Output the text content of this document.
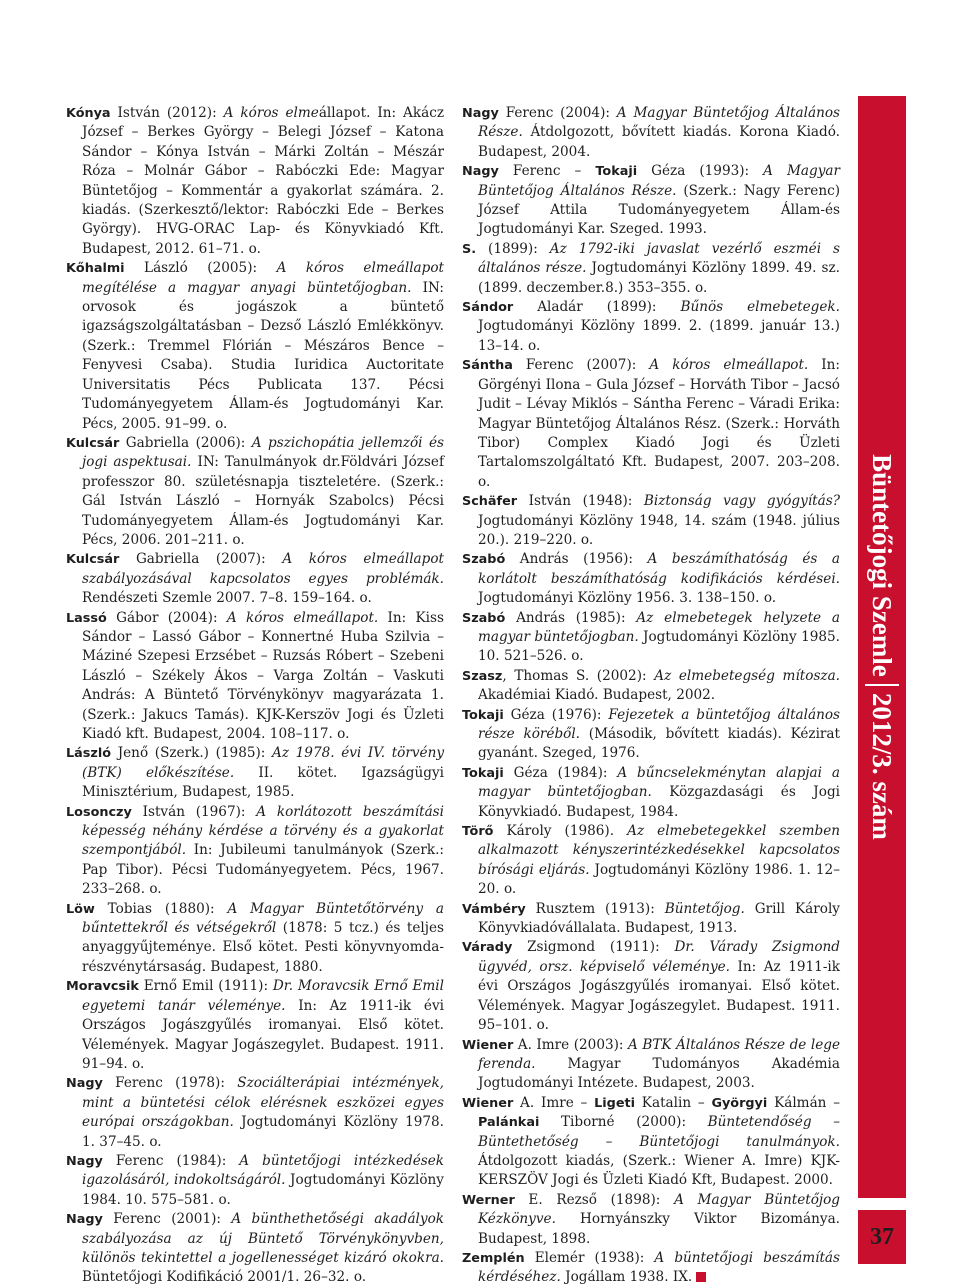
Kónya István (2012): A kóros elmeállapot. In: Akácz József – Berkes György – Belegi József – Katona Sándor – Kónya István – Márki Zoltán – Mészár Róza – Molnár Gábor – Rabóczki Ede: Magyar Büntetőjog – Kommentár a gyakorlat számára. 2. kiadás. (Szerkesztő/lektor: Rabóczki Ede – Berkes György). HVG-ORAC Lap- és Könyvkiadó Kft. Budapest, 2012. 61–71. o.

Kőhalmi László (2005): A kóros elmeállapot megítélése a magyar anyagi büntetőjogban. IN: orvosok és jogászok a büntető igazságszolgáltatásban – Dezső László Emlékkönyv. (Szerk.: Tremmel Flórián – Mészáros Bence – Fenyvesi Csaba). Studia Iuridica Auctoritate Universitatis Pécs Publicata 137. Pécsi Tudományegyetem Állam-és Jogtudományi Kar. Pécs, 2005. 91–99. o.

Kulcsár Gabriella (2006): A pszichopátia jellemzői és jogi aspektusai. IN: Tanulmányok dr.Földvári József professzor 80. születésnapja tiszteletére. (Szerk.: Gál István László – Hornyák Szabolcs) Pécsi Tudományegyetem Állam-és Jogtudományi Kar. Pécs, 2006. 201–211. o.

Kulcsár Gabriella (2007): A kóros elmeállapot szabályozásával kapcsolatos egyes problémák. Rendészeti Szemle 2007. 7–8. 159–164. o.

Lassó Gábor (2004): A kóros elmeállapot. In: Kiss Sándor – Lassó Gábor – Konnertné Huba Szilvia – Máziné Szepesi Erzsébet – Ruzsás Róbert – Szebeni László – Székely Ákos – Varga Zoltán – Vaskuti András: A Büntető Törvénykönyv magyarázata 1. (Szerk.: Jakucs Tamás). KJK-Kerszöv Jogi és Üzleti Kiadó kft. Budapest, 2004. 108–117. o.

László Jenő (Szerk.) (1985): Az 1978. évi IV. törvény (BTK) előkészítése. II. kötet. Igazságügyi Minisztérium, Budapest, 1985.

Losonczy István (1967): A korlátozott beszámítási képesség néhány kérdése a törvény és a gyakorlat szempontjából. In: Jubileumi tanulmányok (Szerk.: Pap Tibor). Pécsi Tudományegyetem. Pécs, 1967. 233–268. o.

Löw Tobias (1880): A Magyar Büntetőtörvény a bűntettekről és vétségekről (1878: 5 tcz.) és teljes anyaggyűjteménye. Első kötet. Pesti könyvnyomda-részvénytársaság. Budapest, 1880.

Moravcsik Ernő Emil (1911): Dr. Moravcsik Ernő Emil egyetemi tanár véleménye. In: Az 1911-ik évi Országos Jogászgyűlés iromanyai. Első kötet. Vélemények. Magyar Jogászegylet. Budapest. 1911. 91–94. o.

Nagy Ferenc (1978): Szociálterápiai intézmények, mint a büntetési célok elérésnek eszközei egyes európai országokban. Jogtudományi Közlöny 1978. 1. 37–45. o.

Nagy Ferenc (1984): A büntetőjogi intézkedések igazolásáról, indokoltságáról. Jogtudományi Közlöny 1984. 10. 575–581. o.

Nagy Ferenc (2001): A bünthethetőségi akadályok szabályozása az új Büntető Törvénykönyvben, különös tekintettel a jogellenességet kizáró okokra. Büntetőjogi Kodifikáció 2001/1. 26–32. o.

Nagy Ferenc (2004): A Magyar Büntetőjog Általános Része. Átdolgozott, bővített kiadás. Korona Kiadó. Budapest, 2004.

Nagy Ferenc – Tokaji Géza (1993): A Magyar Büntetőjog Általános Része. (Szerk.: Nagy Ferenc) József Attila Tudományegyetem Állam-és Jogtudományi Kar. Szeged. 1993.

S. (1899): Az 1792-iki javaslat vezérlő eszméi s általános része. Jogtudományi Közlöny 1899. 49. sz. (1899. deczember.8.) 353–355. o.

Sándor Aladár (1899): Bűnös elmebetegek. Jogtudományi Közlöny 1899. 2. (1899. január 13.) 13–14. o.

Sántha Ferenc (2007): A kóros elmeállapot. In: Görgényi Ilona – Gula József – Horváth Tibor – Jacsó Judit – Lévay Miklós – Sántha Ferenc – Váradi Erika: Magyar Büntetőjog Általános Rész. (Szerk.: Horváth Tibor) Complex Kiadó Jogi és Üzleti Tartalomszolgáltató Kft. Budapest, 2007. 203–208. o.

Schäfer István (1948): Biztonság vagy gyógyítás? Jogtudományi Közlöny 1948, 14. szám (1948. július 20.). 219–220. o.

Szabó András (1956): A beszámíthatóság és a korlátolt beszámíthatóság kodifikációs kérdései. Jogtudományi Közlöny 1956. 3. 138–150. o.

Szabó András (1985): Az elmebetegek helyzete a magyar büntetőjogban. Jogtudományi Közlöny 1985. 10. 521–526. o.

Szasz, Thomas S. (2002): Az elmebetegség mítosza. Akadémiai Kiadó. Budapest, 2002.

Tokaji Géza (1976): Fejezetek a büntetőjog általános része köréből. (Második, bővített kiadás). Kézirat gyanánt. Szeged, 1976.

Tokaji Géza (1984): A bűncselekménytan alapjai a magyar büntetőjogban. Közgazdasági és Jogi Könyvkiadó. Budapest, 1984.

Törő Károly (1986). Az elmebetegekkel szemben alkalmazott kényszerintézkedésekkel kapcsolatos bírósági eljárás. Jogtudományi Közlöny 1986. 1. 12–20. o.

Vámbéry Rusztem (1913): Büntetőjog. Grill Károly Könyvkiadóvállalata. Budapest, 1913.

Várady Zsigmond (1911): Dr. Várady Zsigmond ügyvéd, orsz. képviselő véleménye. In: Az 1911-ik évi Országos Jogászgyűlés iromanyai. Első kötet. Vélemények. Magyar Jogászegylet. Budapest. 1911. 95–101. o.

Wiener A. Imre (2003): A BTK Általános Része de lege ferenda. Magyar Tudományos Akadémia Jogtudományi Intézete. Budapest, 2003.

Wiener A. Imre – Ligeti Katalin – Györgyi Kálmán – Palánkai Tiborné (2000): Büntetendőség – Büntethetőség – Büntetőjogi tanulmányok. Átdolgozott kiadás, (Szerk.: Wiener A. Imre) KJK-KERSZÖV Jogi és Üzleti Kiadó Kft, Budapest. 2000.

Werner E. Rezső (1898): A Magyar Büntetőjog Kézkönyve. Hornyánszky Viktor Bizományа. Budapest, 1898.

Zemplén Elemér (1938): A büntetőjogi beszámítás kérdéséhez. Jogállam 1938. IX.

Büntetőjogi Szemle
2012/3. szám
37
